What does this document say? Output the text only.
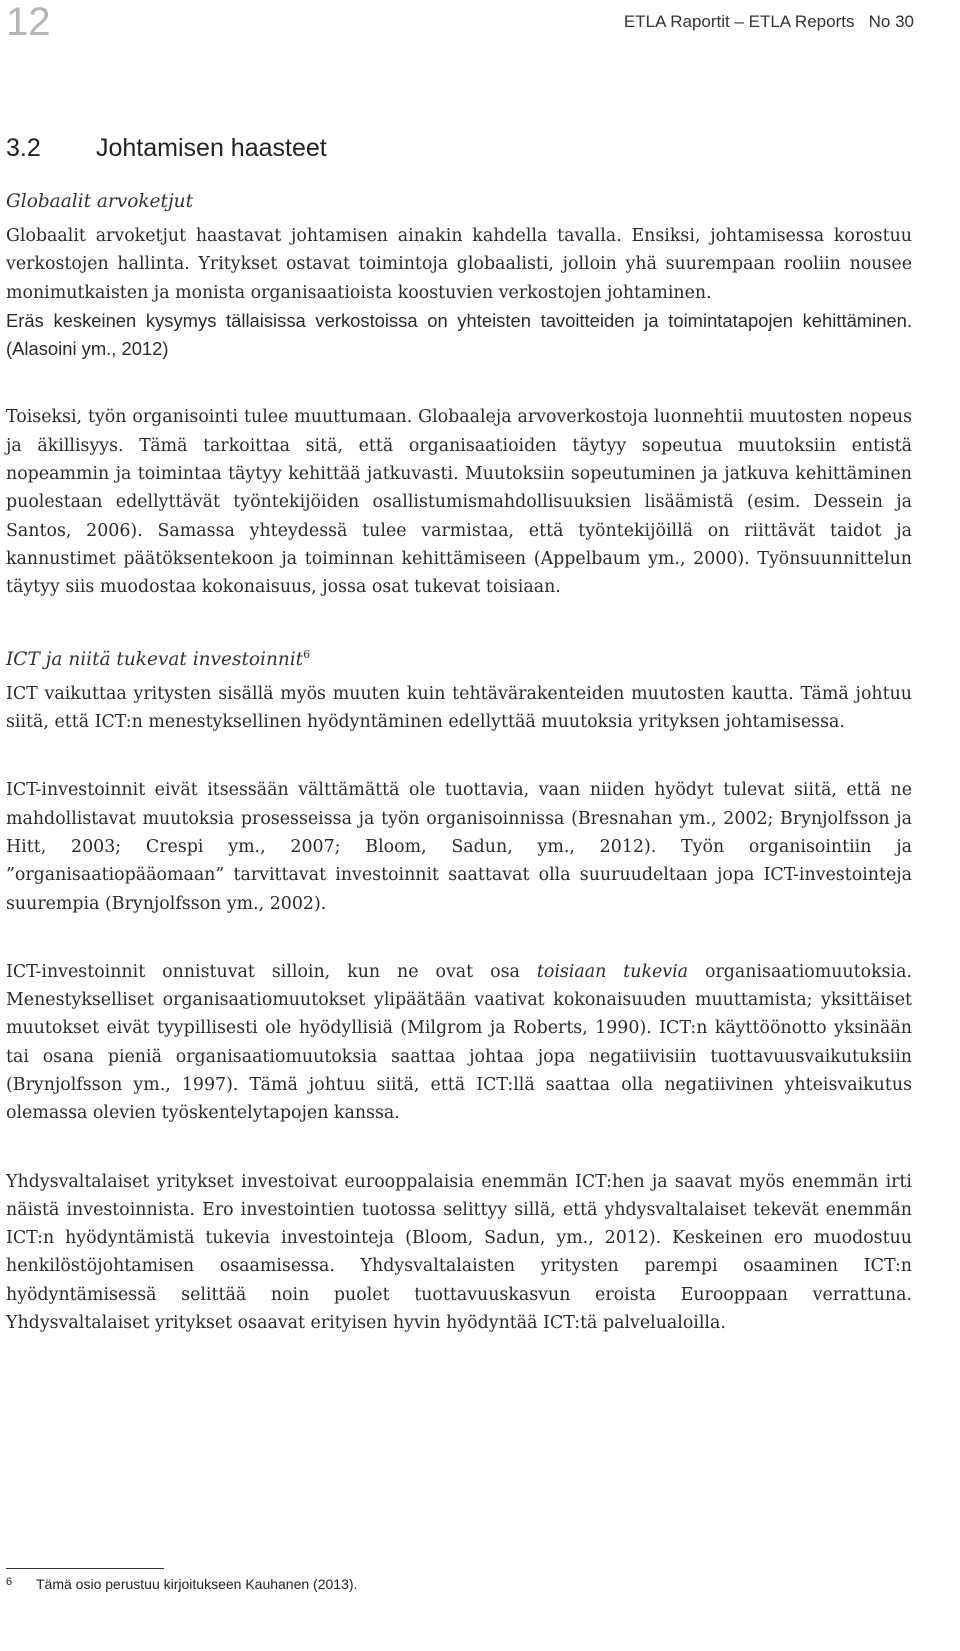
12	ETLA Raportit – ETLA Reports   No 30
3.2 Johtamisen haasteet
Globaalit arvoketjut

Globaalit arvoketjut haastavat johtamisen ainakin kahdella tavalla. Ensiksi, johtamisessa korostuu verkostojen hallinta. Yritykset ostavat toimintoja globaalisti, jolloin yhä suurempaan rooliin nousee monimutkaisten ja monista organisaatioista koostuvien verkostojen johtaminen.

Eräs keskeinen kysymys tällaisissa verkostoissa on yhteisten tavoitteiden ja toimintatapojen kehittäminen. (Alasoini ym., 2012)

Toiseksi, työn organisointi tulee muuttumaan. Globaaleja arvoverkostoja luonnehtii muutosten nopeus ja äkillisyys. Tämä tarkoittaa sitä, että organisaatioiden täytyy sopeutua muutoksiin entistä nopeammin ja toimintaa täytyy kehittää jatkuvasti. Muutoksiin sopeutuminen ja jatkuva kehittäminen puolestaan edellyttävät työntekijöiden osallistumismahdollisuuksien lisäämistä (esim. Dessein ja Santos, 2006). Samassa yhteydessä tulee varmistaa, että työntekijöillä on riittävät taidot ja kannustimet päätöksentekoon ja toiminnan kehittämiseen (Appelbaum ym., 2000). Työnsuunnittelun täytyy siis muodostaa kokonaisuus, jossa osat tukevat toisiaan.

ICT ja niitä tukevat investoinnit$^6$

ICT vaikuttaa yritysten sisällä myös muuten kuin tehtävärakenteiden muutosten kautta. Tämä johtuu siitä, että ICT:n menestyksellinen hyödyntäminen edellyttää muutoksia yrityksen johtamisessa.

ICT-investoinnit eivät itsessään välttämättä ole tuottavia, vaan niiden hyödyt tulevat siitä, että ne mahdollistavat muutoksia prosesseissa ja työn organisoinnissa (Bresnahan ym., 2002; Brynjolfsson ja Hitt, 2003; Crespi ym., 2007; Bloom, Sadun, ym., 2012). Työn organisointiin ja ”organisaatiopääomaan” tarvittavat investoinnit saattavat olla suuruudeltaan jopa ICT-investointeja suurempia (Brynjolfsson ym., 2002).

ICT-investoinnit onnistuvat silloin, kun ne ovat osa toisiaan tukevia organisaatiomuutoksia. Menestykselliset organisaatiomuutokset ylipäätään vaativat kokonaisuuden muuttamista; yksittäiset muutokset eivät tyypillisesti ole hyödyllisiä (Milgrom ja Roberts, 1990). ICT:n käyttöönotto yksinään tai osana pieniä organisaatiomuutoksia saattaa johtaa jopa negatiivisiin tuottavuusvaikutuksiin (Brynjolfsson ym., 1997). Tämä johtuu siitä, että ICT:llä saattaa olla negatiivinen yhteisvaikutus olemassa olevien työskentelytapojen kanssa.

Yhdysvaltalaiset yritykset investoivat eurooppalaisia enemmän ICT:hen ja saavat myös enemmän irti näistä investoinnista. Ero investointien tuotossa selittyy sillä, että yhdysvaltalaiset tekevät enemmän ICT:n hyödyntämistä tukevia investointeja (Bloom, Sadun, ym., 2012). Keskeinen ero muodostuu henkilöstöjohtamisen osaamisessa. Yhdysvaltalaisten yritysten parempi osaaminen ICT:n hyödyntämisessä selittää noin puolet tuottavuuskasvun eroista Eurooppaan verrattuna. Yhdysvaltalaiset yritykset osaavat erityisen hyvin hyödyntää ICT:tä palvelualoilla.

6 Tämä osio perustuu kirjoitukseen Kauhanen (2013).
